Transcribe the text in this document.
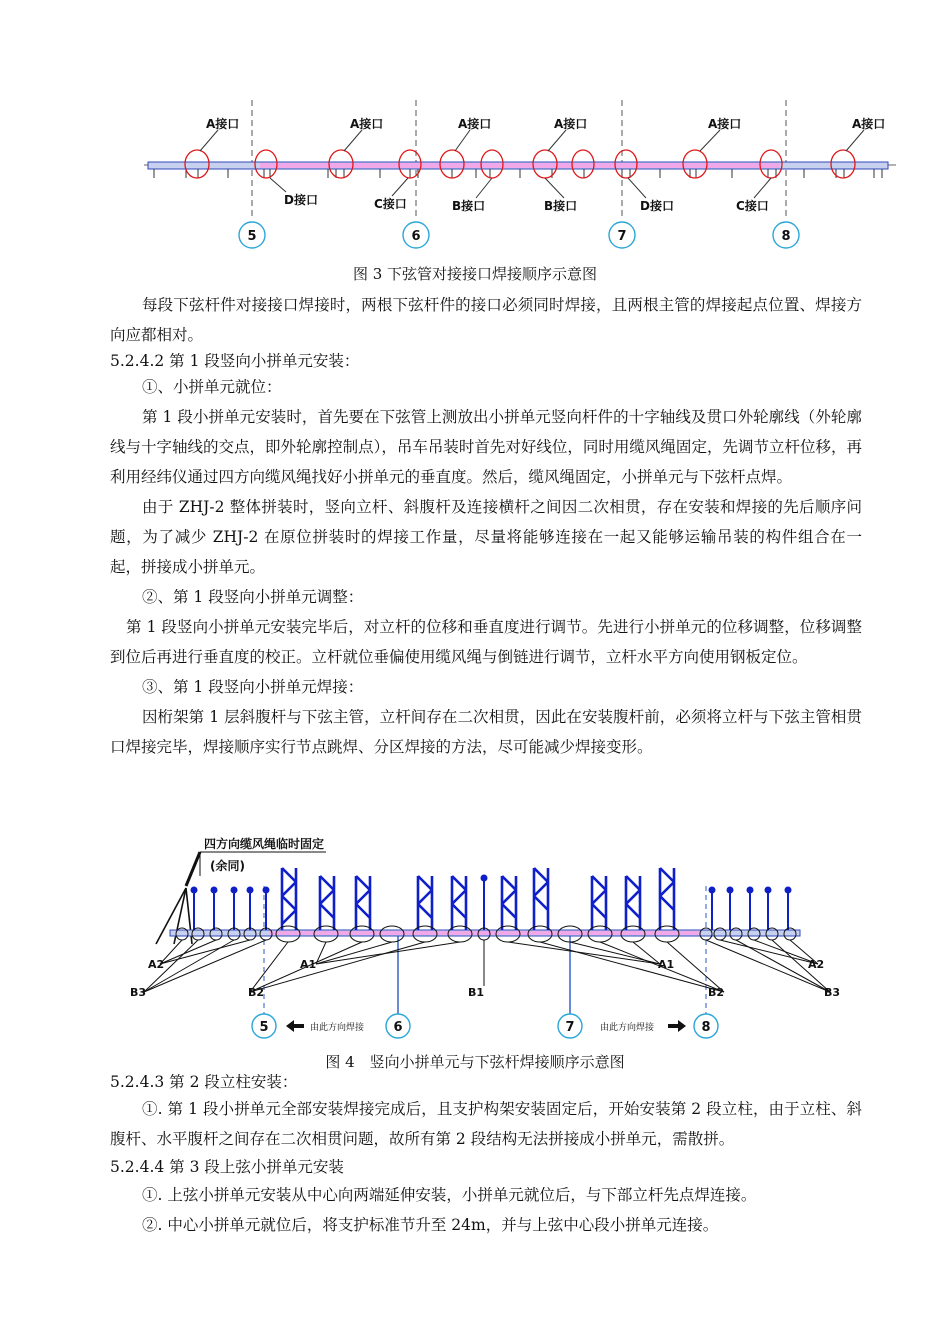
A接口	A接口	A接口	A接口	A接口	A接口
D接口	C接口	B接口	B接口	D接口	C接口
5	6	7	8
图 3 下弦管对接接口焊接顺序示意图

每段下弦杆件对接接口焊接时，两根下弦杆件的接口必须同时焊接，且两根主管的焊接起点位置、焊接方向应都相对。

5.2.4.2 第 1 段竖向小拼单元安装：

①、小拼单元就位：

第 1 段小拼单元安装时，首先要在下弦管上测放出小拼单元竖向杆件的十字轴线及贯口外轮廓线（外轮廓线与十字轴线的交点，即外轮廓控制点），吊车吊装时首先对好线位，同时用缆风绳固定，先调节立杆位移，再利用经纬仪通过四方向缆风绳找好小拼单元的垂直度。然后，缆风绳固定，小拼单元与下弦杆点焊。

由于 ZHJ-2 整体拼装时，竖向立杆、斜腹杆及连接横杆之间因二次相贯，存在安装和焊接的先后顺序问题，为了减少 ZHJ-2 在原位拼装时的焊接工作量，尽量将能够连接在一起又能够运输吊装的构件组合在一起，拼接成小拼单元。

②、第 1 段竖向小拼单元调整：

第 1 段竖向小拼单元安装完毕后，对立杆的位移和垂直度进行调节。先进行小拼单元的位移调整，位移调整到位后再进行垂直度的校正。立杆就位垂偏使用缆风绳与倒链进行调节，立杆水平方向使用钢板定位。

③、第 1 段竖向小拼单元焊接：

因桁架第 1 层斜腹杆与下弦主管，立杆间存在二次相贯，因此在安装腹杆前，必须将立杆与下弦主管相贯口焊接完毕，焊接顺序实行节点跳焊、分区焊接的方法，尽可能减少焊接变形。

四方向缆风绳临时固定
(余同)
A2
B3	B2
A1
B1
A1
B2
A2
B3
5	6	7	8
由此方向焊接	由此方向焊接
图 4　竖向小拼单元与下弦杆焊接顺序示意图

5.2.4.3 第 2 段立柱安装：

①. 第 1 段小拼单元全部安装焊接完成后，且支护构架安装固定后，开始安装第 2 段立柱，由于立柱、斜腹杆、水平腹杆之间存在二次相贯问题，故所有第 2 段结构无法拼接成小拼单元，需散拼。

5.2.4.4 第 3 段上弦小拼单元安装

①. 上弦小拼单元安装从中心向两端延伸安装，小拼单元就位后，与下部立杆先点焊连接。

②. 中心小拼单元就位后，将支护标准节升至 24m，并与上弦中心段小拼单元连接。
